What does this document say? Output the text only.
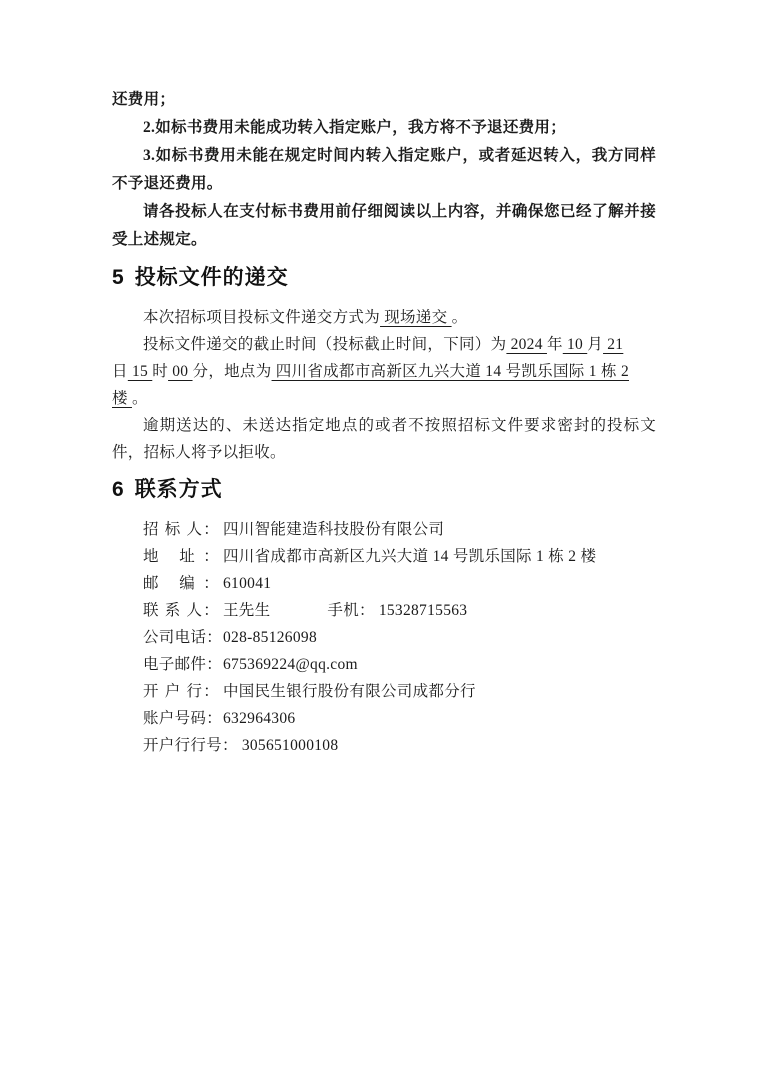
还费用；

2.如标书费用未能成功转入指定账户，我方将不予退还费用；

3.如标书费用未能在规定时间内转入指定账户，或者延迟转入，我方同样不予退还费用。

请各投标人在支付标书费用前仔细阅读以上内容，并确保您已经了解并接受上述规定。

5 投标文件的递交
本次招标项目投标文件递交方式为 现场递交 。
投标文件递交的截止时间（投标截止时间，下同）为 2024 年 10 月 21
日 15 时 00 分，地点为 四川省成都市高新区九兴大道 14 号凯乐国际 1 栋 2
楼 。

逾期送达的、未送达指定地点的或者不按照招标文件要求密封的投标文件，招标人将予以拒收。

6 联系方式
招 标 人： 四川智能建造科技股份有限公司
地 址： 四川省成都市高新区九兴大道 14 号凯乐国际 1 栋 2 楼
邮 编： 610041
联 系 人： 王先生	手机： 15328715563
公司电话：028-85126098
电子邮件：675369224@qq.com
开 户 行： 中国民生银行股份有限公司成都分行
账户号码：632964306
开户行行号： 305651000108
